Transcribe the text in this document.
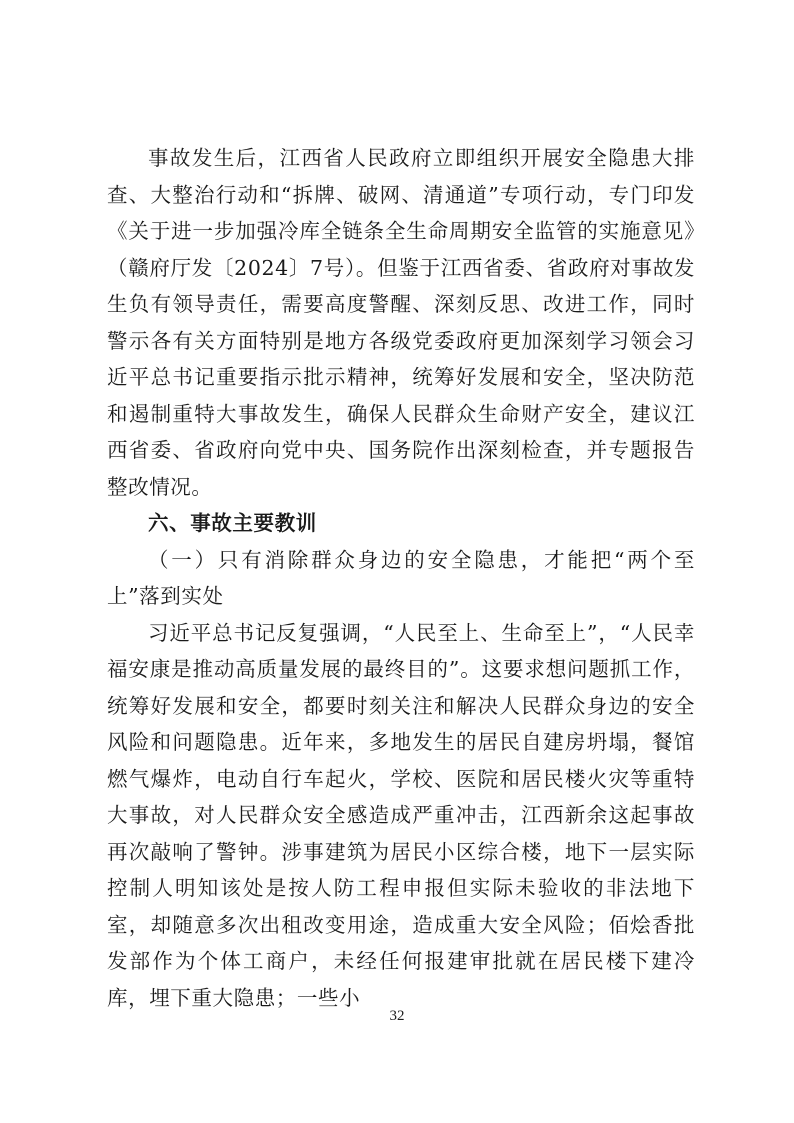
事故发生后，江西省人民政府立即组织开展安全隐患大排查、大整治行动和“拆牌、破网、清通道”专项行动，专门印发《关于进一步加强冷库全链条全生命周期安全监管的实施意见》（赣府厅发〔2024〕7号）。但鉴于江西省委、省政府对事故发生负有领导责任，需要高度警醒、深刻反思、改进工作，同时警示各有关方面特别是地方各级党委政府更加深刻学习领会习近平总书记重要指示批示精神，统筹好发展和安全，坚决防范和遏制重特大事故发生，确保人民群众生命财产安全，建议江西省委、省政府向党中央、国务院作出深刻检查，并专题报告整改情况。

六、事故主要教训

（一）只有消除群众身边的安全隐患，才能把“两个至上”落到实处

习近平总书记反复强调，“人民至上、生命至上”，“人民幸福安康是推动高质量发展的最终目的”。这要求想问题抓工作，统筹好发展和安全，都要时刻关注和解决人民群众身边的安全风险和问题隐患。近年来，多地发生的居民自建房坍塌，餐馆燃气爆炸，电动自行车起火，学校、医院和居民楼火灾等重特大事故，对人民群众安全感造成严重冲击，江西新余这起事故再次敲响了警钟。涉事建筑为居民小区综合楼，地下一层实际控制人明知该处是按人防工程申报但实际未验收的非法地下室，却随意多次出租改变用途，造成重大安全风险；佰烩香批发部作为个体工商户，未经任何报建审批就在居民楼下建冷库，埋下重大隐患；一些小

32
